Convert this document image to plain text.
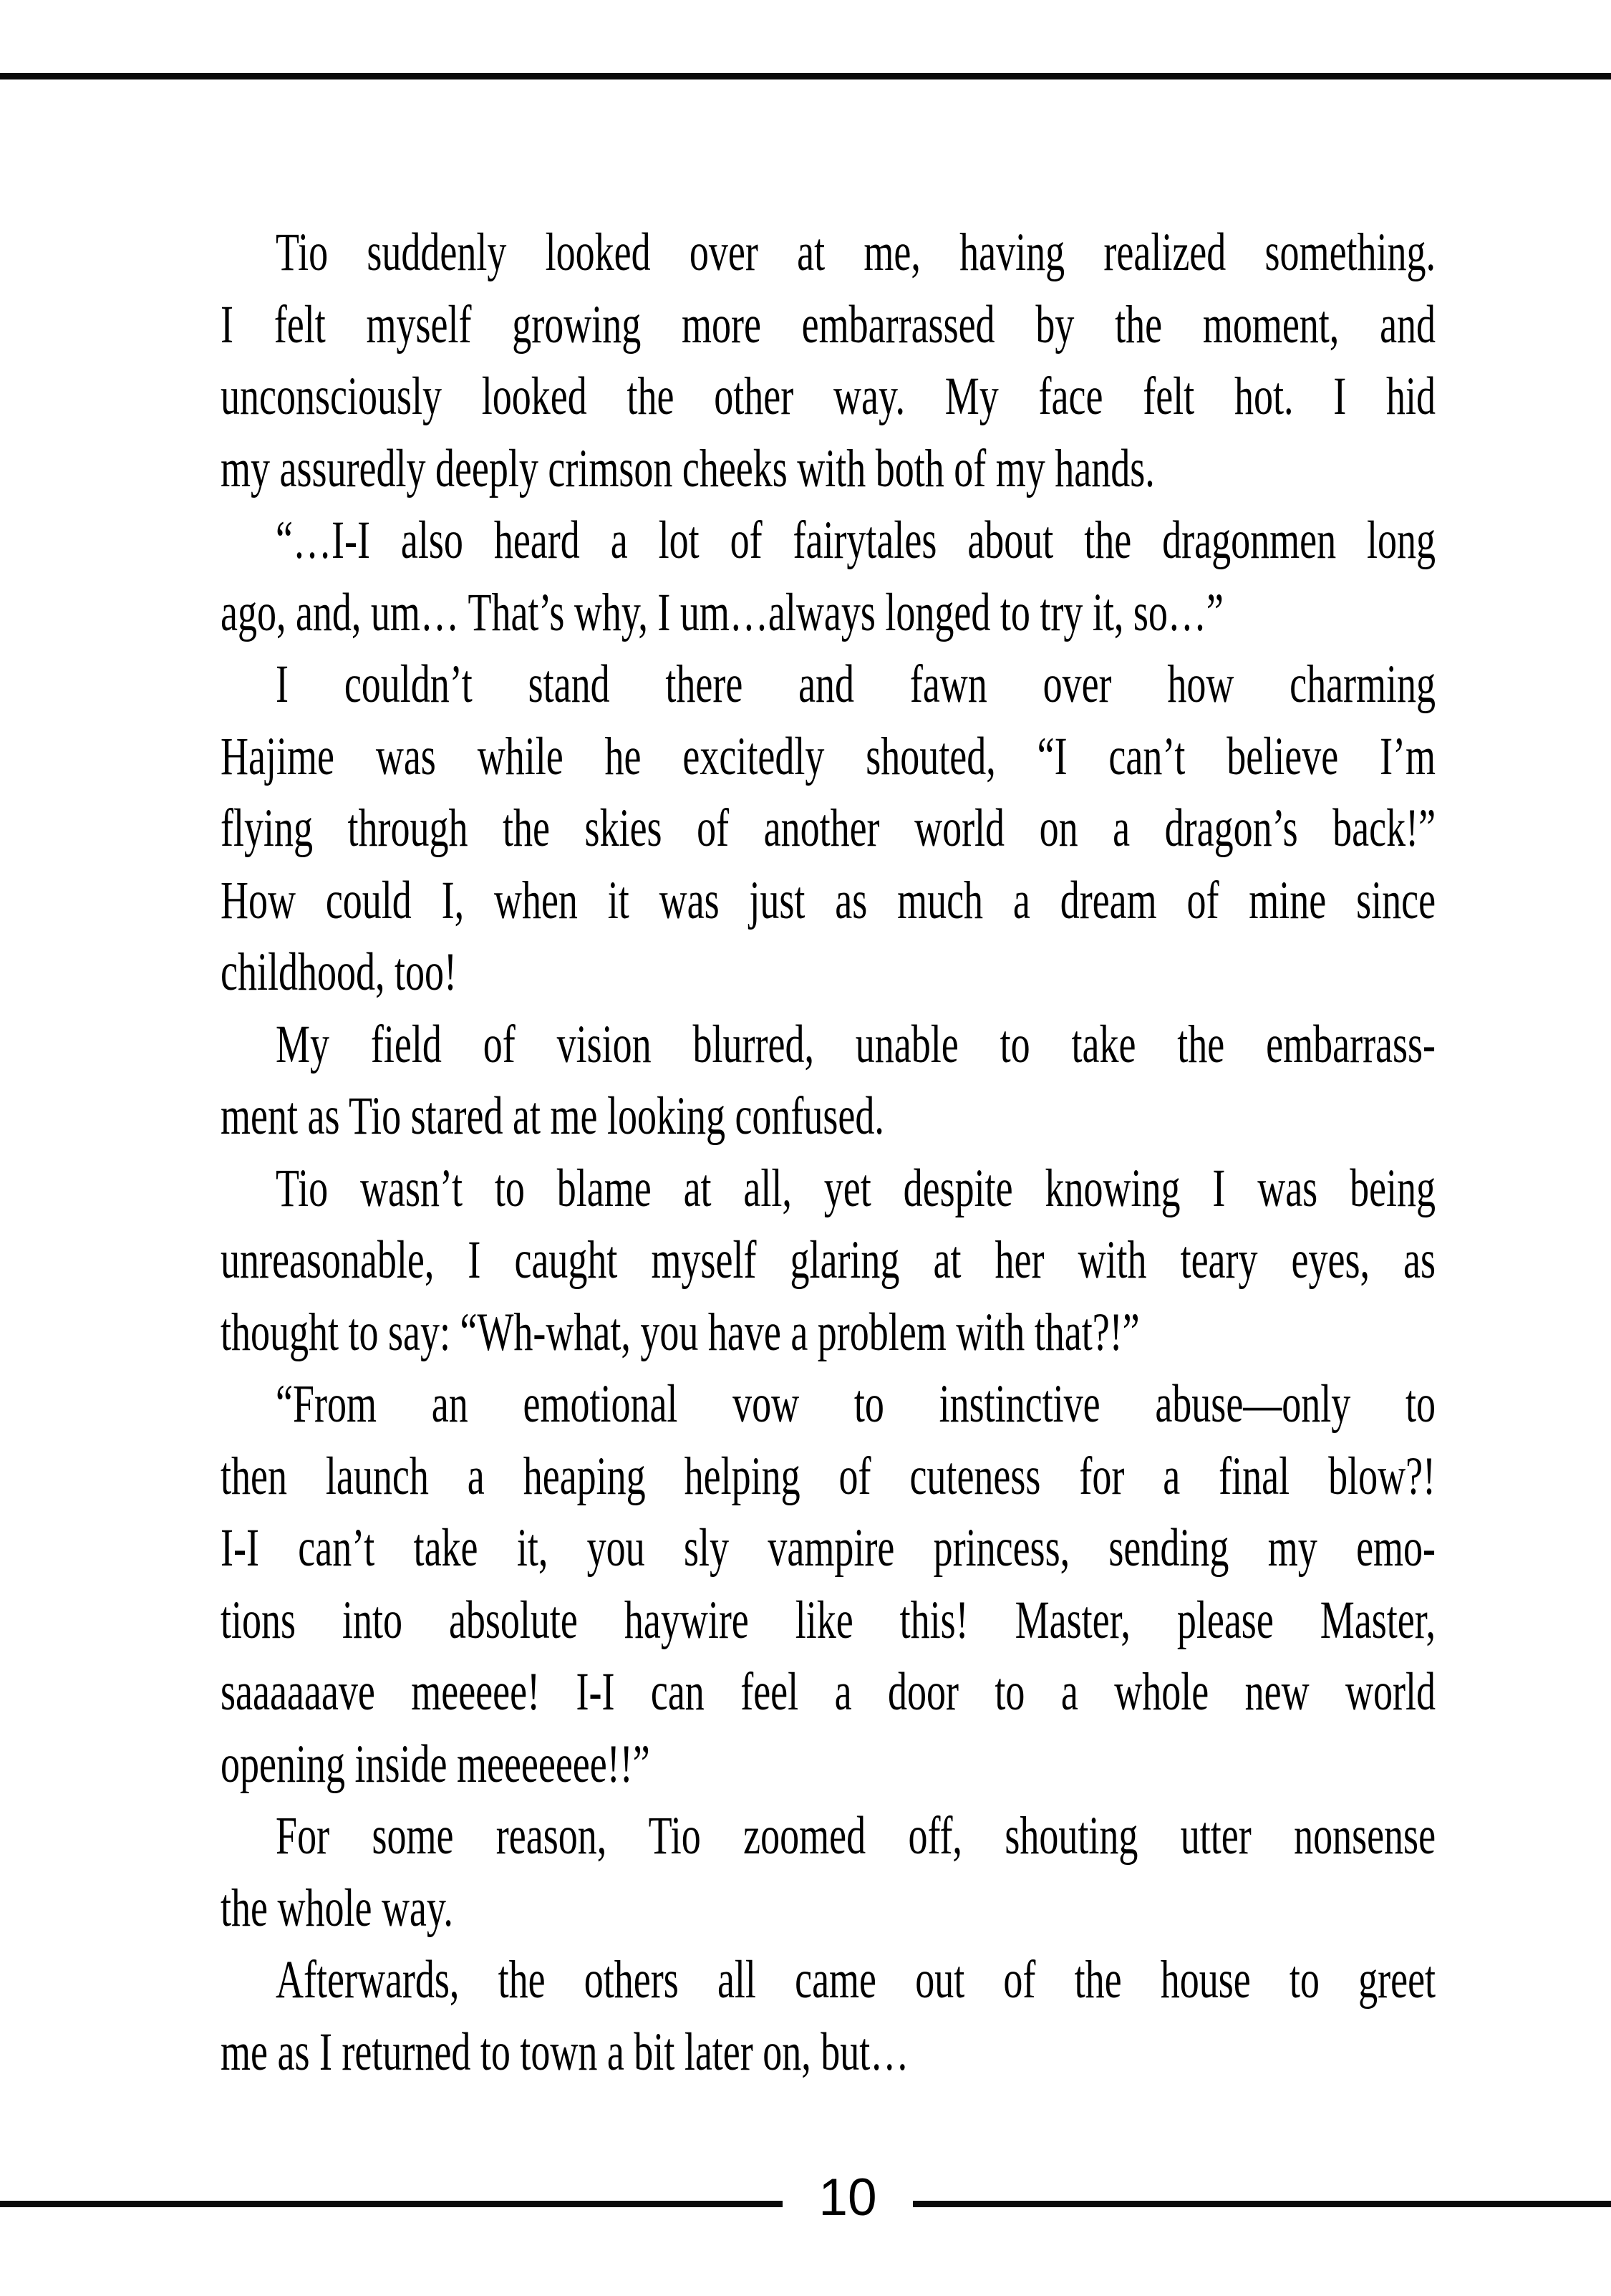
Tio suddenly looked over at me, having realized something.
I felt myself growing more embarrassed by the moment, and
unconsciously looked the other way. My face felt hot. I hid
my assuredly deeply crimson cheeks with both of my hands.
“…I-I also heard a lot of fairytales about the dragonmen long
ago, and, um… That’s why, I um…always longed to try it, so…”
I couldn’t stand there and fawn over how charming
Hajime was while he excitedly shouted, “I can’t believe I’m
flying through the skies of another world on a dragon’s back!”
How could I, when it was just as much a dream of mine since
childhood, too!
My field of vision blurred, unable to take the embarrass-
ment as Tio stared at me looking confused.
Tio wasn’t to blame at all, yet despite knowing I was being
unreasonable, I caught myself glaring at her with teary eyes, as
thought to say: “Wh-what, you have a problem with that?!”
“From an emotional vow to instinctive abuse—only to
then launch a heaping helping of cuteness for a final blow?!
I-I can’t take it, you sly vampire princess, sending my emo-
tions into absolute haywire like this! Master, please Master,
saaaaaave meeeee! I-I can feel a door to a whole new world
opening inside meeeeeee!!”
For some reason, Tio zoomed off, shouting utter nonsense
the whole way.
Afterwards, the others all came out of the house to greet
me as I returned to town a bit later on, but…
10
